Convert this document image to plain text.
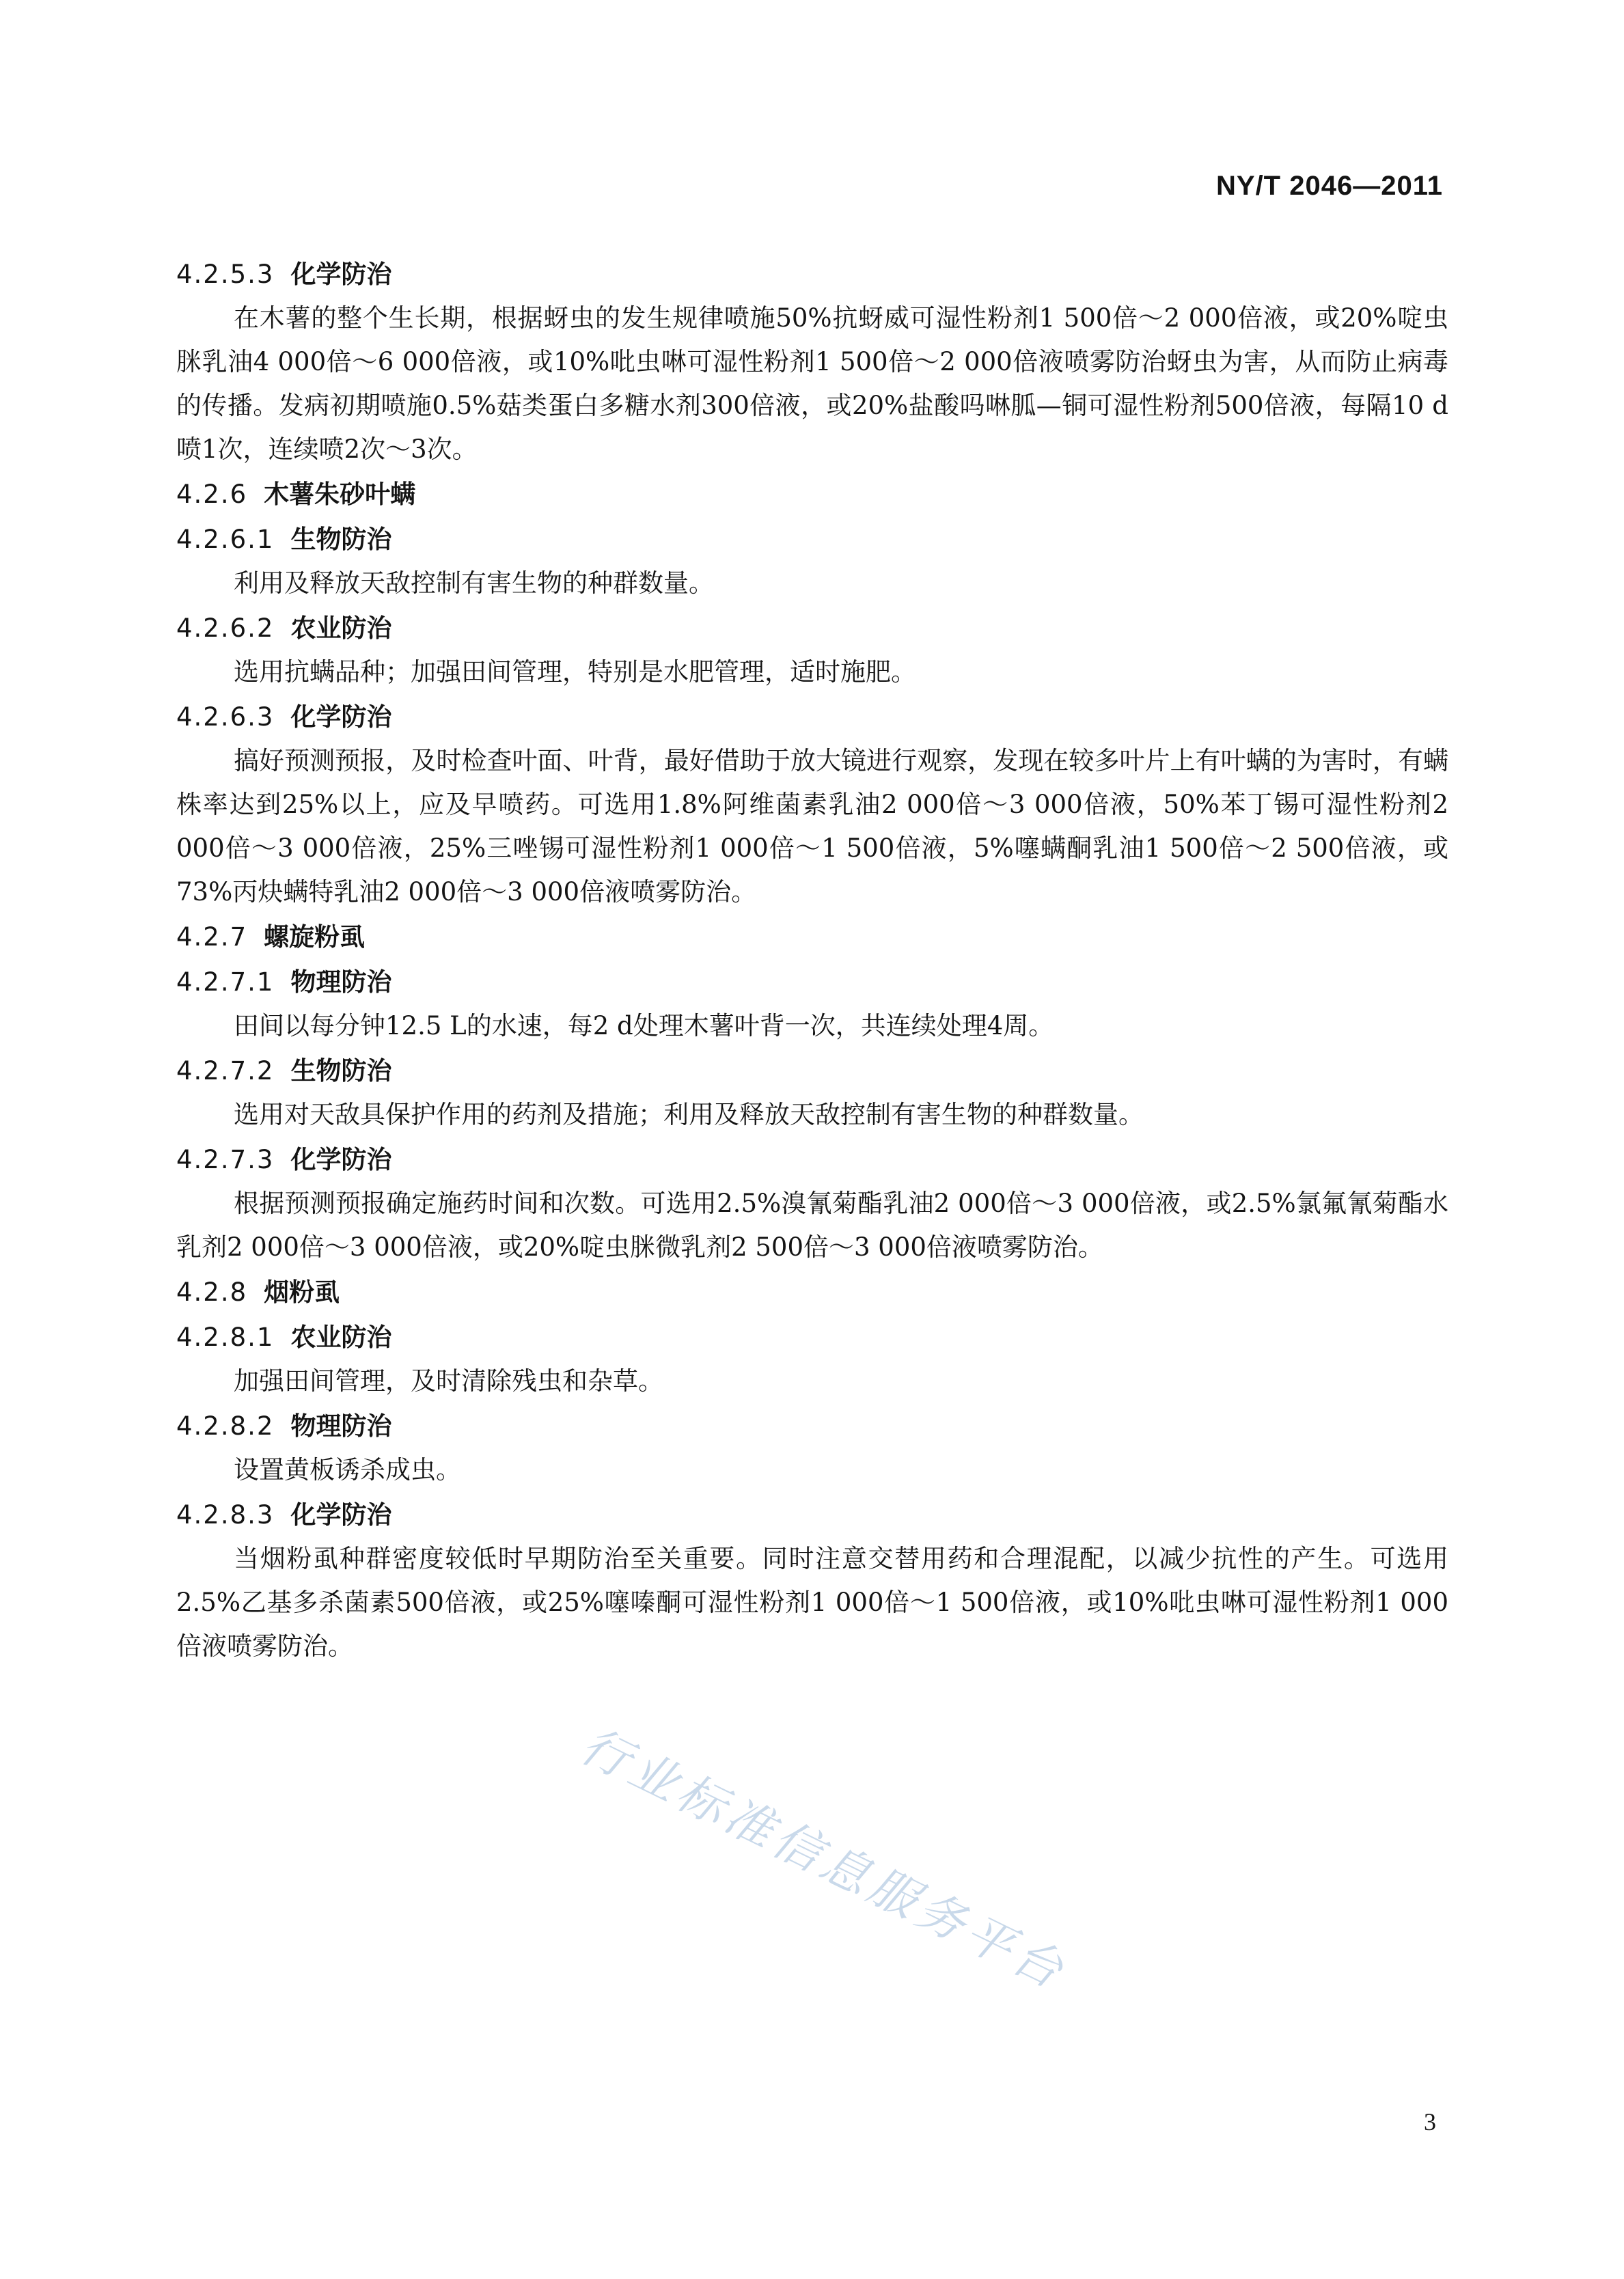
NY/T 2046—2011
4.2.5.3 化学防治

在木薯的整个生长期，根据蚜虫的发生规律喷施50%抗蚜威可湿性粉剂1 500倍～2 000倍液，或20%啶虫脒乳油4 000倍～6 000倍液，或10%吡虫啉可湿性粉剂1 500倍～2 000倍液喷雾防治蚜虫为害，从而防止病毒的传播。发病初期喷施0.5%菇类蛋白多糖水剂300倍液，或20%盐酸吗啉胍—铜可湿性粉剂500倍液，每隔10 d喷1次，连续喷2次～3次。

4.2.6 木薯朱砂叶螨
4.2.6.1 生物防治

利用及释放天敌控制有害生物的种群数量。

4.2.6.2 农业防治

选用抗螨品种；加强田间管理，特别是水肥管理，适时施肥。

4.2.6.3 化学防治

搞好预测预报，及时检查叶面、叶背，最好借助于放大镜进行观察，发现在较多叶片上有叶螨的为害时，有螨株率达到25%以上，应及早喷药。可选用1.8%阿维菌素乳油2 000倍～3 000倍液，50%苯丁锡可湿性粉剂2 000倍～3 000倍液，25%三唑锡可湿性粉剂1 000倍～1 500倍液，5%噻螨酮乳油1 500倍～2 500倍液，或73%丙炔螨特乳油2 000倍～3 000倍液喷雾防治。

4.2.7 螺旋粉虱
4.2.7.1 物理防治

田间以每分钟12.5 L的水速，每2 d处理木薯叶背一次，共连续处理4周。

4.2.7.2 生物防治

选用对天敌具保护作用的药剂及措施；利用及释放天敌控制有害生物的种群数量。

4.2.7.3 化学防治

根据预测预报确定施药时间和次数。可选用2.5%溴氰菊酯乳油2 000倍～3 000倍液，或2.5%氯氟氰菊酯水乳剂2 000倍～3 000倍液，或20%啶虫脒微乳剂2 500倍～3 000倍液喷雾防治。

4.2.8 烟粉虱
4.2.8.1 农业防治

加强田间管理，及时清除残虫和杂草。

4.2.8.2 物理防治

设置黄板诱杀成虫。

4.2.8.3 化学防治

当烟粉虱种群密度较低时早期防治至关重要。同时注意交替用药和合理混配，以减少抗性的产生。可选用2.5%乙基多杀菌素500倍液，或25%噻嗪酮可湿性粉剂1 000倍～1 500倍液，或10%吡虫啉可湿性粉剂1 000倍液喷雾防治。

行业标准信息服务平台
3
